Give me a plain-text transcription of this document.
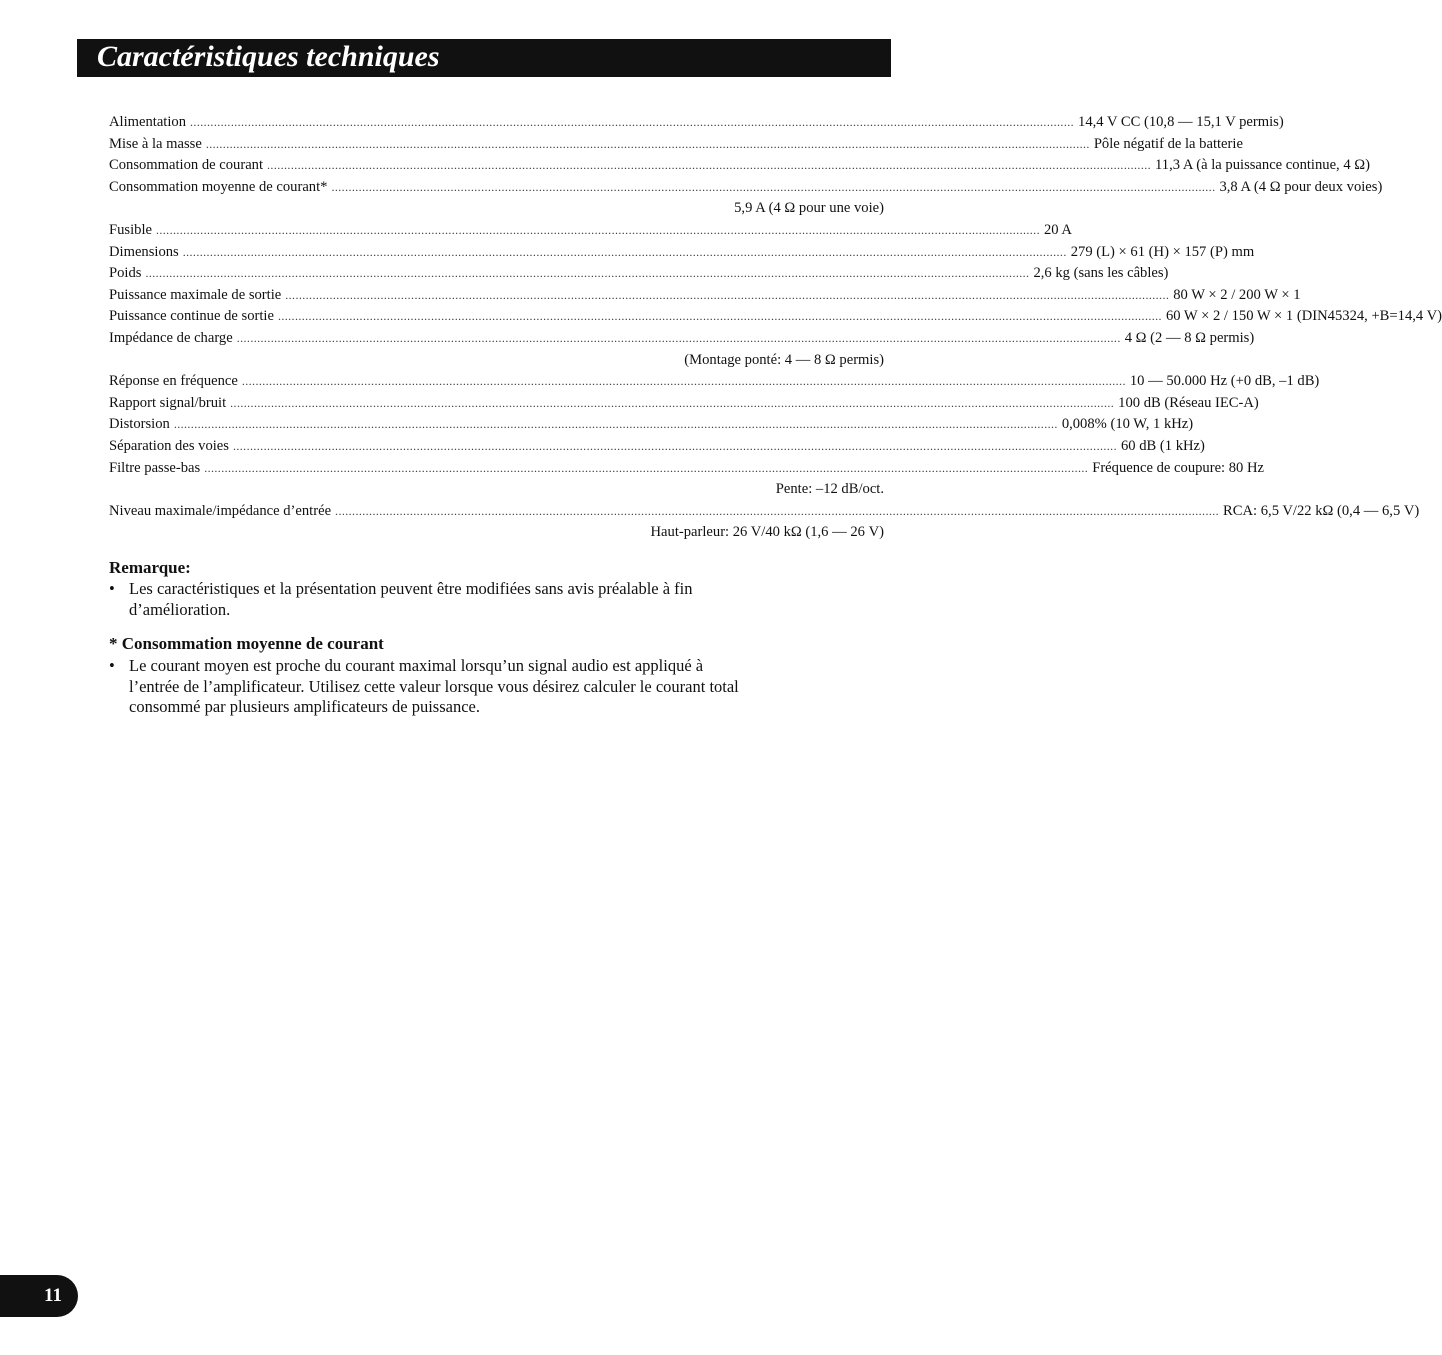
Caractéristiques techniques
Alimentation .................................................................................................................................................................................................................................................................... 14,4 V CC (10,8 — 15,1 V permis)
Mise à la masse .................................................................................................................................................................................................................................................................... Pôle négatif de la batterie
Consommation de courant .................................................................................................................................................................................................................................................................... 11,3 A (à la puissance continue, 4 Ω)
Consommation moyenne de courant* .................................................................................................................................................................................................................................................................... 3,8 A (4 Ω pour deux voies)
5,9 A (4 Ω pour une voie)
Fusible .................................................................................................................................................................................................................................................................... 20 A
Dimensions .................................................................................................................................................................................................................................................................... 279 (L) × 61 (H) × 157 (P) mm
Poids .................................................................................................................................................................................................................................................................... 2,6 kg (sans les câbles)
Puissance maximale de sortie .................................................................................................................................................................................................................................................................... 80 W × 2 / 200 W × 1
Puissance continue de sortie .................................................................................................................................................................................................................................................................... 60 W × 2 / 150 W × 1 (DIN45324, +B=14,4 V)
Impédance de charge .................................................................................................................................................................................................................................................................... 4 Ω (2 — 8 Ω permis)
(Montage ponté: 4 — 8 Ω permis)
Réponse en fréquence .................................................................................................................................................................................................................................................................... 10 — 50.000 Hz (+0 dB, –1 dB)
Rapport signal/bruit .................................................................................................................................................................................................................................................................... 100 dB (Réseau IEC-A)
Distorsion .................................................................................................................................................................................................................................................................... 0,008% (10 W, 1 kHz)
Séparation des voies .................................................................................................................................................................................................................................................................... 60 dB (1 kHz)
Filtre passe-bas .................................................................................................................................................................................................................................................................... Fréquence de coupure: 80 Hz
Pente: –12 dB/oct.
Niveau maximale/impédance d’entrée .................................................................................................................................................................................................................................................................... RCA: 6,5 V/22 kΩ (0,4 — 6,5 V)
Haut-parleur: 26 V/40 kΩ (1,6 — 26 V)
Remarque:
• Les caractéristiques et la présentation peuvent être modifiées sans avis préalable à fin d’amélioration.
* Consommation moyenne de courant
• Le courant moyen est proche du courant maximal lorsqu’un signal audio est appliqué à l’entrée de l’amplificateur. Utilisez cette valeur lorsque vous désirez calculer le courant total consommé par plusieurs amplificateurs de puissance.
11
